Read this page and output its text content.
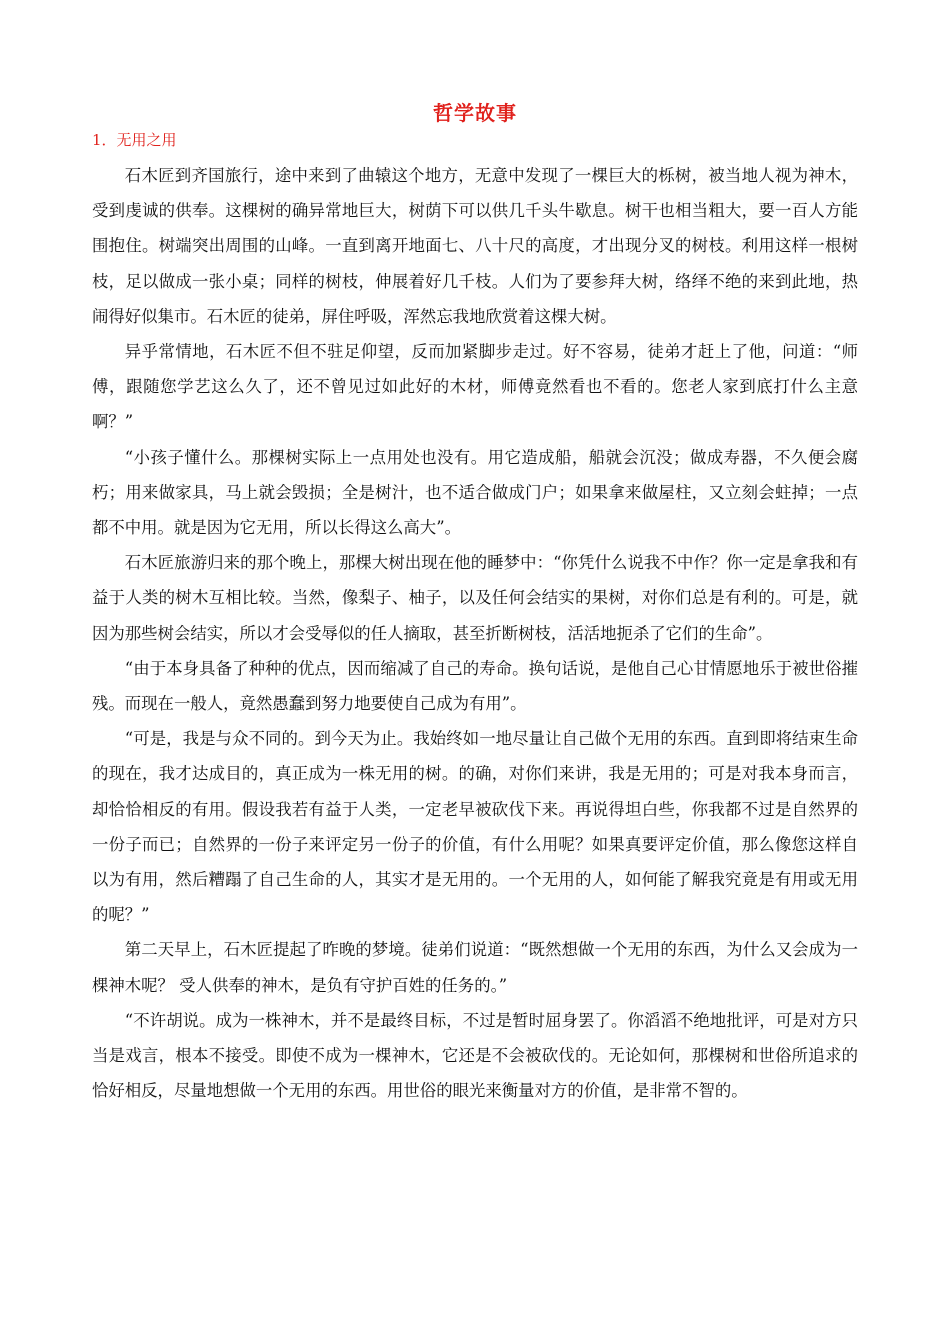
哲学故事
1．无用之用

石木匠到齐国旅行，途中来到了曲辕这个地方，无意中发现了一棵巨大的栎树，被当地人视为神木，受到虔诚的供奉。这棵树的确异常地巨大，树荫下可以供几千头牛歇息。树干也相当粗大，要一百人方能围抱住。树端突出周围的山峰。一直到离开地面七、八十尺的高度，才出现分叉的树枝。利用这样一根树枝，足以做成一张小桌；同样的树枝，伸展着好几千枝。人们为了要参拜大树，络绎不绝的来到此地，热闹得好似集市。石木匠的徒弟，屏住呼吸，浑然忘我地欣赏着这棵大树。

异乎常情地，石木匠不但不驻足仰望，反而加紧脚步走过。好不容易，徒弟才赶上了他，问道：“师傅，跟随您学艺这么久了，还不曾见过如此好的木材，师傅竟然看也不看的。您老人家到底打什么主意啊？”

“小孩子懂什么。那棵树实际上一点用处也没有。用它造成船，船就会沉没；做成寿器，不久便会腐朽；用来做家具，马上就会毁损；全是树汁，也不适合做成门户；如果拿来做屋柱，又立刻会蛀掉；一点都不中用。就是因为它无用，所以长得这么高大”。

石木匠旅游归来的那个晚上，那棵大树出现在他的睡梦中：“你凭什么说我不中作？你一定是拿我和有益于人类的树木互相比较。当然，像梨子、柚子，以及任何会结实的果树，对你们总是有利的。可是，就因为那些树会结实，所以才会受辱似的任人摘取，甚至折断树枝，活活地扼杀了它们的生命”。

“由于本身具备了种种的优点，因而缩减了自己的寿命。换句话说，是他自己心甘情愿地乐于被世俗摧残。而现在一般人，竟然愚蠢到努力地要使自己成为有用”。

“可是，我是与众不同的。到今天为止。我始终如一地尽量让自己做个无用的东西。直到即将结束生命的现在，我才达成目的，真正成为一株无用的树。的确，对你们来讲，我是无用的；可是对我本身而言，却恰恰相反的有用。假设我若有益于人类，一定老早被砍伐下来。再说得坦白些，你我都不过是自然界的一份子而已；自然界的一份子来评定另一份子的价值，有什么用呢？如果真要评定价值，那么像您这样自以为有用，然后糟蹋了自己生命的人，其实才是无用的。一个无用的人，如何能了解我究竟是有用或无用的呢？”

第二天早上，石木匠提起了昨晚的梦境。徒弟们说道：“既然想做一个无用的东西，为什么又会成为一棵神木呢？ 受人供奉的神木，是负有守护百姓的任务的。”

“不许胡说。成为一株神木，并不是最终目标，不过是暂时屈身罢了。你滔滔不绝地批评，可是对方只当是戏言，根本不接受。即使不成为一棵神木，它还是不会被砍伐的。无论如何，那棵树和世俗所追求的恰好相反，尽量地想做一个无用的东西。用世俗的眼光来衡量对方的价值，是非常不智的。
